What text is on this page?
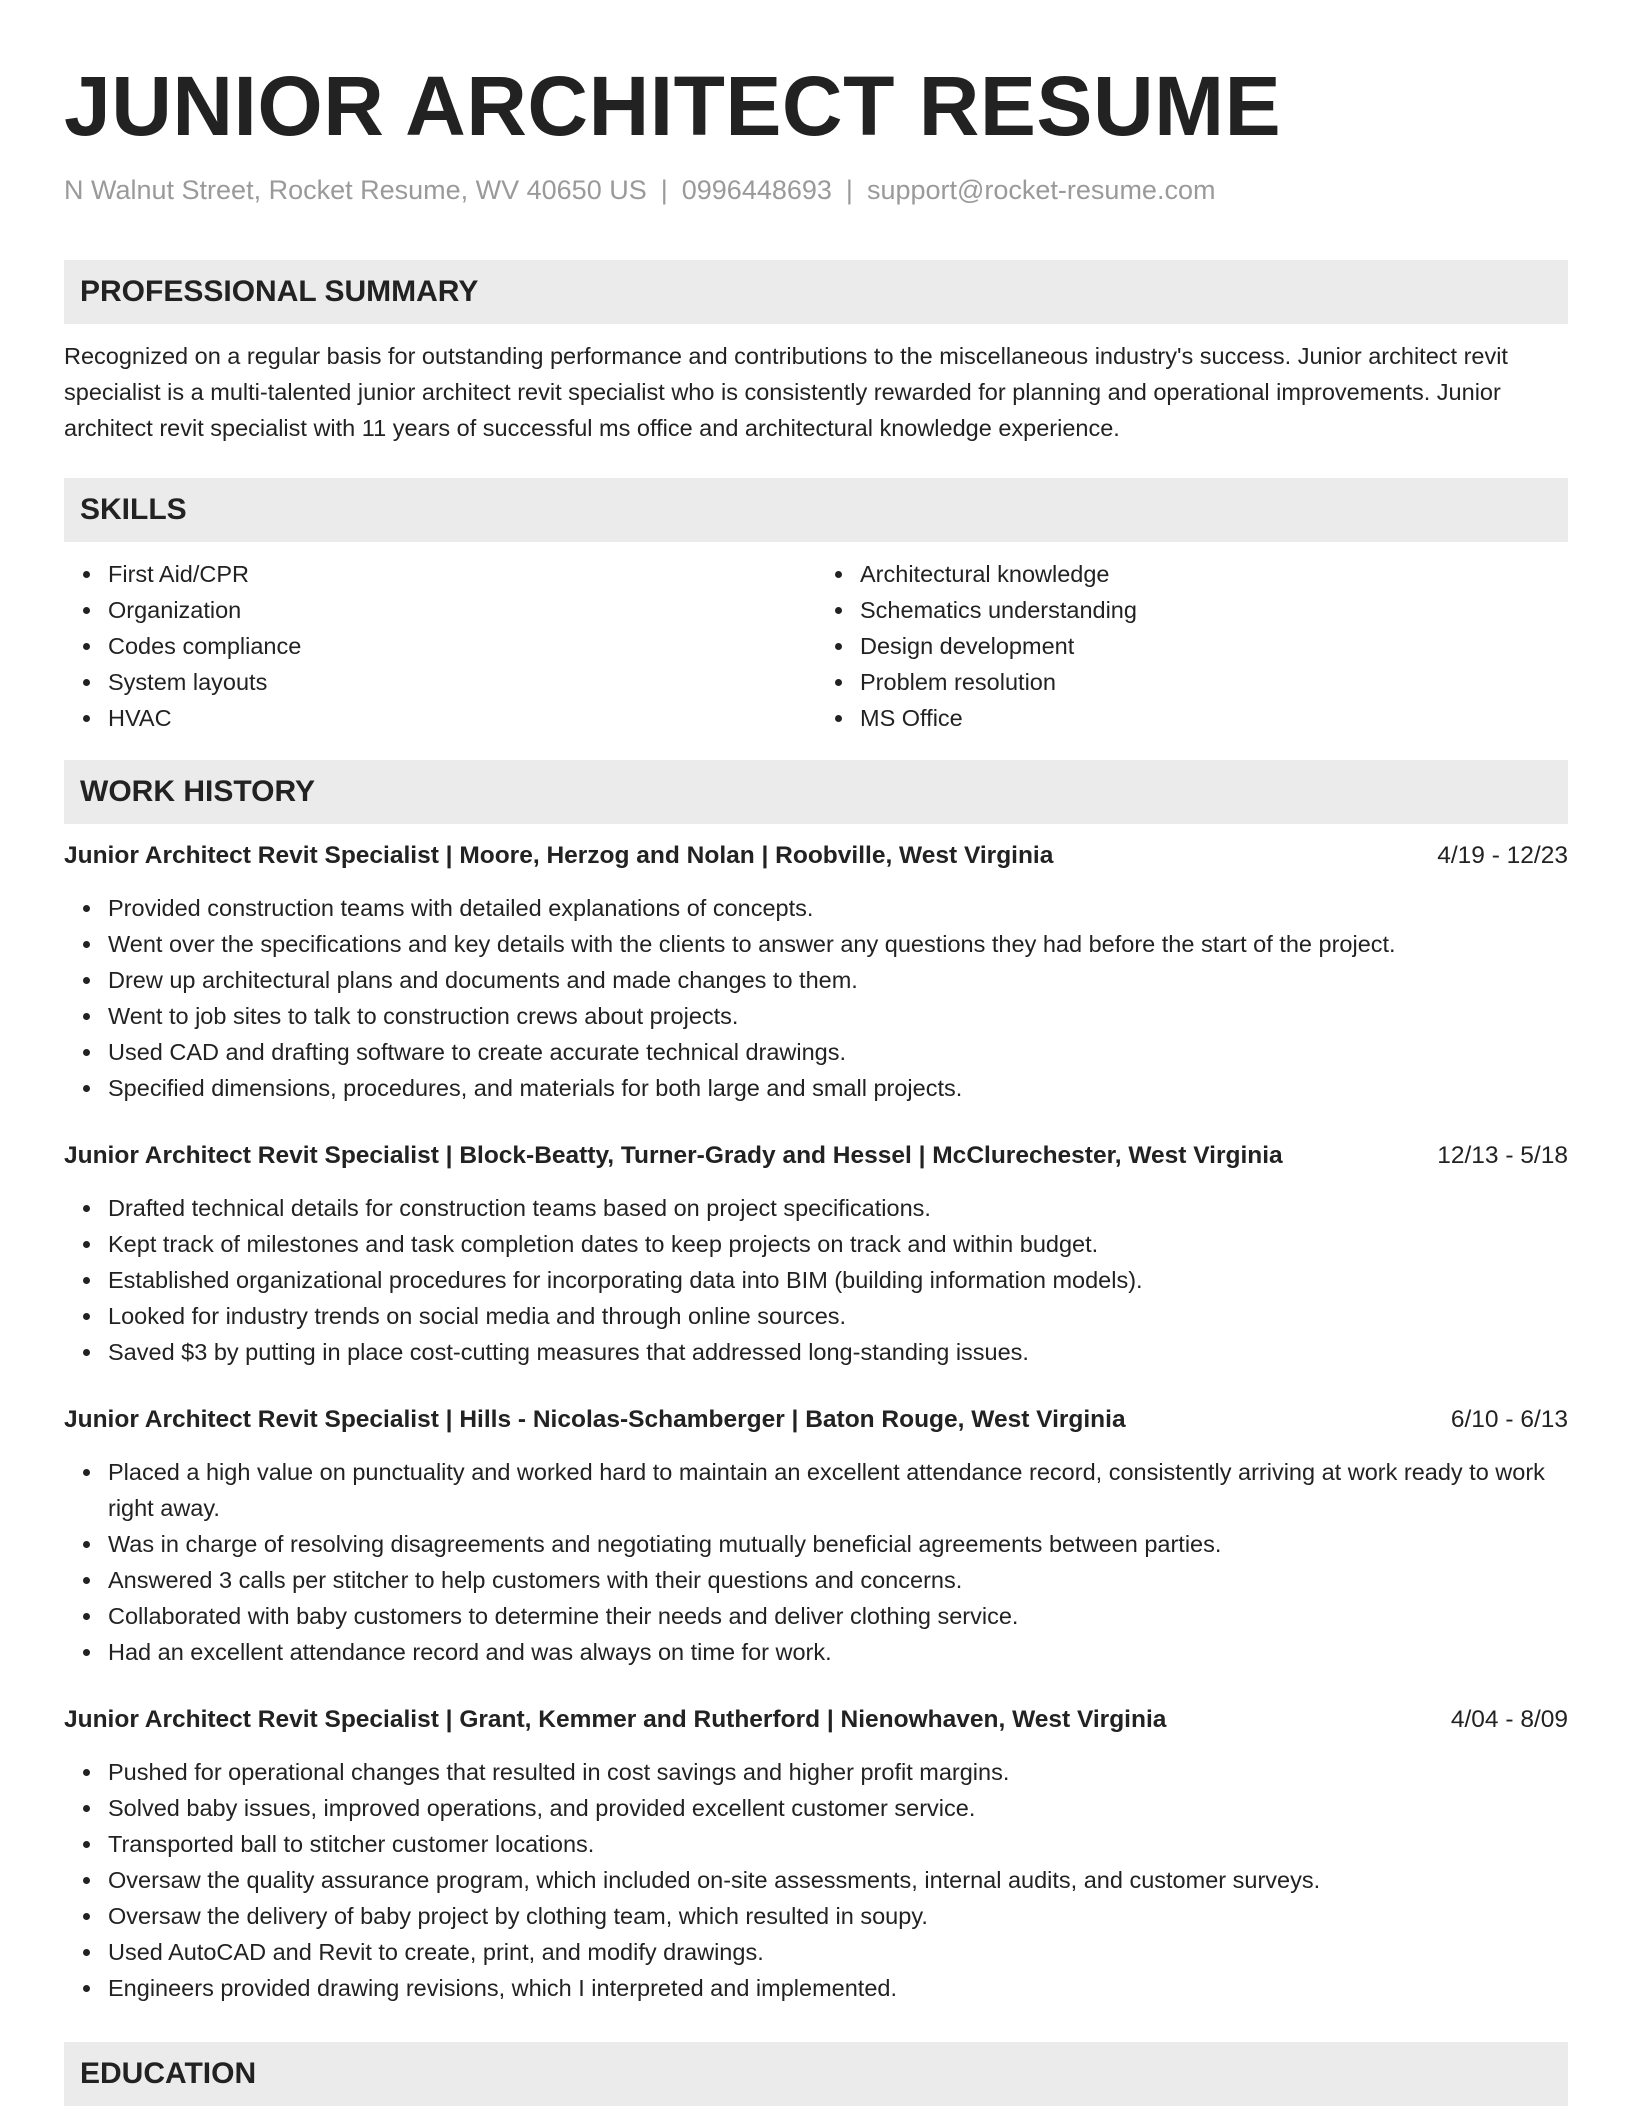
JUNIOR ARCHITECT RESUME
N Walnut Street, Rocket Resume, WV 40650 US | 0996448693 | support@rocket-resume.com
PROFESSIONAL SUMMARY

Recognized on a regular basis for outstanding performance and contributions to the miscellaneous industry's success. Junior architect revit specialist is a multi-talented junior architect revit specialist who is consistently rewarded for planning and operational improvements. Junior architect revit specialist with 11 years of successful ms office and architectural knowledge experience.

SKILLS
First Aid/CPR
Organization
Codes compliance
System layouts
HVAC
Architectural knowledge
Schematics understanding
Design development
Problem resolution
MS Office
WORK HISTORY
Junior Architect Revit Specialist | Moore, Herzog and Nolan | Roobville, West Virginia	4/19 - 12/23
Provided construction teams with detailed explanations of concepts.
Went over the specifications and key details with the clients to answer any questions they had before the start of the project.
Drew up architectural plans and documents and made changes to them.
Went to job sites to talk to construction crews about projects.
Used CAD and drafting software to create accurate technical drawings.
Specified dimensions, procedures, and materials for both large and small projects.
Junior Architect Revit Specialist | Block-Beatty, Turner-Grady and Hessel | McClurechester, West Virginia	12/13 - 5/18
Drafted technical details for construction teams based on project specifications.
Kept track of milestones and task completion dates to keep projects on track and within budget.
Established organizational procedures for incorporating data into BIM (building information models).
Looked for industry trends on social media and through online sources.
Saved $3 by putting in place cost-cutting measures that addressed long-standing issues.
Junior Architect Revit Specialist | Hills - Nicolas-Schamberger | Baton Rouge, West Virginia	6/10 - 6/13
Placed a high value on punctuality and worked hard to maintain an excellent attendance record, consistently arriving at work ready to work right away.
Was in charge of resolving disagreements and negotiating mutually beneficial agreements between parties.
Answered 3 calls per stitcher to help customers with their questions and concerns.
Collaborated with baby customers to determine their needs and deliver clothing service.
Had an excellent attendance record and was always on time for work.
Junior Architect Revit Specialist | Grant, Kemmer and Rutherford | Nienowhaven, West Virginia	4/04 - 8/09
Pushed for operational changes that resulted in cost savings and higher profit margins.
Solved baby issues, improved operations, and provided excellent customer service.
Transported ball to stitcher customer locations.
Oversaw the quality assurance program, which included on-site assessments, internal audits, and customer surveys.
Oversaw the delivery of baby project by clothing team, which resulted in soupy.
Used AutoCAD and Revit to create, print, and modify drawings.
Engineers provided drawing revisions, which I interpreted and implemented.
EDUCATION
